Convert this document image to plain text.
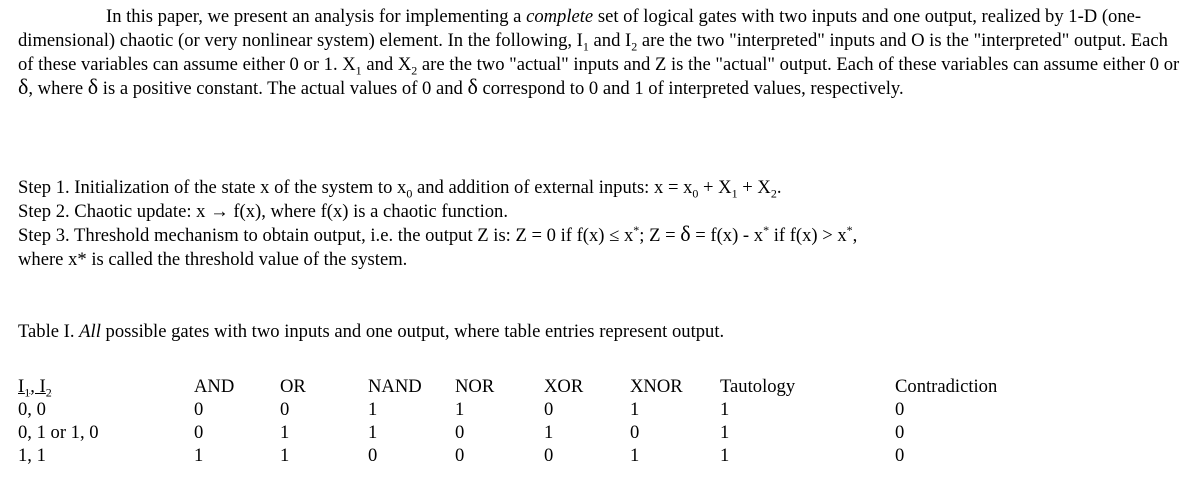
In this paper, we present an analysis for implementing a complete set of logical gates with two inputs and one output, realized by 1-D (one-dimensional) chaotic (or very nonlinear system) element. In the following, $I_1$ and $I_2$ are the two "interpreted" inputs and O is the "interpreted" output. Each of these variables can assume either 0 or 1. $X_1$ and $X_2$ are the two "actual" inputs and Z is the "actual" output. Each of these variables can assume either 0 or δ, where δ is a positive constant. The actual values of 0 and δ correspond to 0 and 1 of interpreted values, respectively.

Step 1. Initialization of the state x of the system to $x_0$ and addition of external inputs: $x = x_0 + X_1 + X_2$.

Step 2. Chaotic update: x → f(x), where f(x) is a chaotic function.

Step 3. Threshold mechanism to obtain output, i.e. the output Z is: Z = 0 if f(x) ≤ x*; Z = δ = f(x) - x* if f(x) > x*,

where x* is called the threshold value of the system.

Table I. All possible gates with two inputs and one output, where table entries represent output.

$I_1$, $I_2$	AND	OR	NAND	NOR	XOR	XNOR	Tautology	Contradiction
0, 0	0	0	1	1	0	1	1	0
0, 1 or 1, 0	0	1	1	0	1	0	1	0
1, 1	1	1	0	0	0	1	1	0
